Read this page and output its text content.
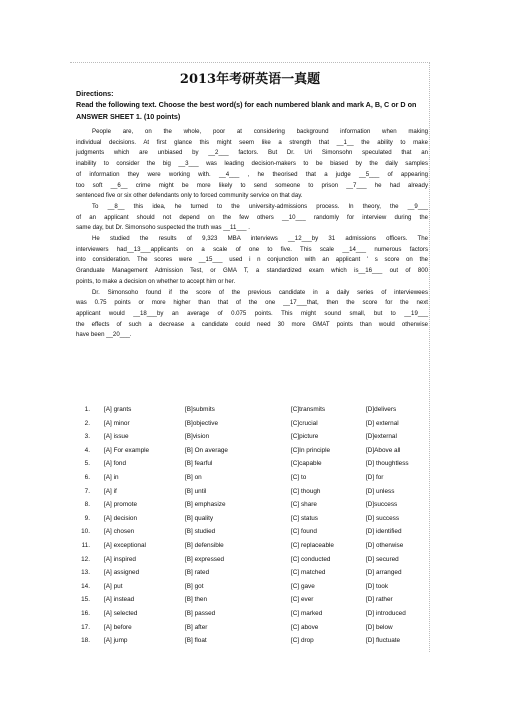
2013年考研英语一真题
Directions:
Read the following text. Choose the best word(s) for each numbered blank and mark A, B, C or D on ANSWER SHEET 1. (10 points)
People are, on the whole, poor at considering background information when making
individual decisions. At first glance this might seem like a strength that __1__ the ability to make
judgments which are unbiased by __2___ factors. But Dr. Uri Simonsohn speculated that an
inability to consider the big __3___ was leading decision-makers to be biased by the daily samples
of information they were working with. __4___ , he theorised that a judge __5___ of appearing
too soft __6__ crime might be more likely to send someone to prison __7___ he had already
sentenced five or six other defendants only to forced community service on that day.
To __8__ this idea, he turned to the university-admissions process. In theory, the __9___
of an applicant should not depend on the few others __10___ randomly for interview during the
same day, but Dr. Simonsoho suspected the truth was __11___ .
He studied the results of 9,323 MBA interviews __12___by 31 admissions officers. The
interviewers had__13___applicants on a scale of one to five. This scale __14___ numerous factors
into consideration. The scores were __15___ used i n conjunction with an applicant ' s score on the
Granduate Management Admission Test, or GMA T, a standardized exam which is__16___ out of 800
points, to make a decision on whether to accept him or her.
Dr. Simonsoho found if the score of the previous candidate in a daily series of interviewees
was 0.75 points or more higher than that of the one __17___that, then the score for the next
applicant would __18___by an average of 0.075 points. This might sound small, but to __19___
the effects of such a decrease a candidate could need 30 more GMAT points than would otherwise
have been __20___.
1. [A] grants	[B]submits	[C]transmits	[D]delivers
2. [A] minor	[B]objective	[C]crucial	[D] external
3. [A] issue	[B]vision	[C]picture	[D]external
4. [A] For example	[B] On average	[C]In principle	[D]Above all
5. [A] fond	[B] fearful	[C]capable	[D] thoughtless
6. [A] in	[B] on	[C] to	[D] for
7. [A] if	[B] until	[C] though	[D] unless
8. [A] promote	[B] emphasize	[C] share	[D]success
9. [A] decision	[B] quality	[C] status	[D] success
10. [A] chosen	[B] studied	[C] found	[D] identified
11. [A] exceptional	[B] defensible	[C] replaceable	[D] otherwise
12. [A] inspired	[B] expressed	[C] conducted	[D] secured
13. [A] assigned	[B] rated	[C] matched	[D] arranged
14. [A] put	[B] got	[C] gave	[D] took
15. [A] instead	[B] then	[C] ever	[D] rather
16. [A] selected	[B] passed	[C] marked	[D] introduced
17. [A] before	[B] after	[C] above	[D] below
18. [A] jump	[B] float	[C] drop	[D] fluctuate
